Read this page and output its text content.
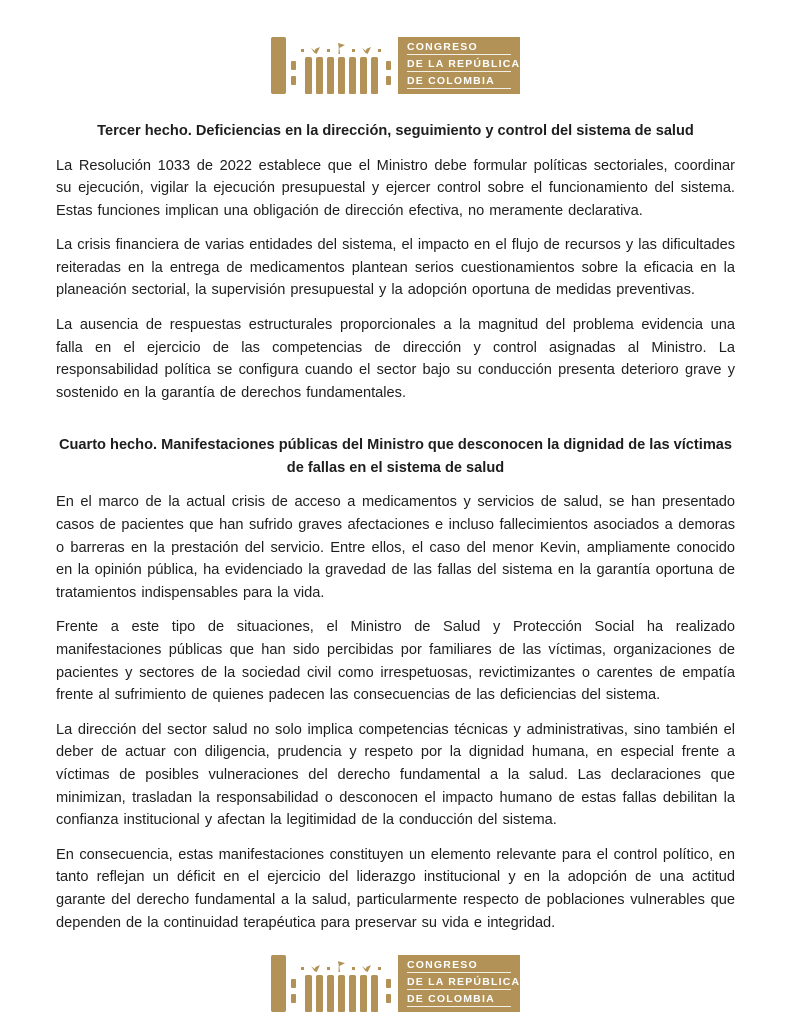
CONGRESO
DE LA REPÚBLICA
DE COLOMBIA
Tercer hecho. Deficiencias en la dirección, seguimiento y control del sistema de salud

La Resolución 1033 de 2022 establece que el Ministro debe formular políticas sectoriales, coordinar su ejecución, vigilar la ejecución presupuestal y ejercer control sobre el funcionamiento del sistema. Estas funciones implican una obligación de dirección efectiva, no meramente declarativa.

La crisis financiera de varias entidades del sistema, el impacto en el flujo de recursos y las dificultades reiteradas en la entrega de medicamentos plantean serios cuestionamientos sobre la eficacia en la planeación sectorial, la supervisión presupuestal y la adopción oportuna de medidas preventivas.

La ausencia de respuestas estructurales proporcionales a la magnitud del problema evidencia una falla en el ejercicio de las competencias de dirección y control asignadas al Ministro. La responsabilidad política se configura cuando el sector bajo su conducción presenta deterioro grave y sostenido en la garantía de derechos fundamentales.

Cuarto hecho. Manifestaciones públicas del Ministro que desconocen la dignidad de las víctimas de fallas en el sistema de salud

En el marco de la actual crisis de acceso a medicamentos y servicios de salud, se han presentado casos de pacientes que han sufrido graves afectaciones e incluso fallecimientos asociados a demoras o barreras en la prestación del servicio. Entre ellos, el caso del menor Kevin, ampliamente conocido en la opinión pública, ha evidenciado la gravedad de las fallas del sistema en la garantía oportuna de tratamientos indispensables para la vida.

Frente a este tipo de situaciones, el Ministro de Salud y Protección Social ha realizado manifestaciones públicas que han sido percibidas por familiares de las víctimas, organizaciones de pacientes y sectores de la sociedad civil como irrespetuosas, revictimizantes o carentes de empatía frente al sufrimiento de quienes padecen las consecuencias de las deficiencias del sistema.

La dirección del sector salud no solo implica competencias técnicas y administrativas, sino también el deber de actuar con diligencia, prudencia y respeto por la dignidad humana, en especial frente a víctimas de posibles vulneraciones del derecho fundamental a la salud. Las declaraciones que minimizan, trasladan la responsabilidad o desconocen el impacto humano de estas fallas debilitan la confianza institucional y afectan la legitimidad de la conducción del sistema.

En consecuencia, estas manifestaciones constituyen un elemento relevante para el control político, en tanto reflejan un déficit en el ejercicio del liderazgo institucional y en la adopción de una actitud garante del derecho fundamental a la salud, particularmente respecto de poblaciones vulnerables que dependen de la continuidad terapéutica para preservar su vida e integridad.

CONGRESO
DE LA REPÚBLICA
DE COLOMBIA
